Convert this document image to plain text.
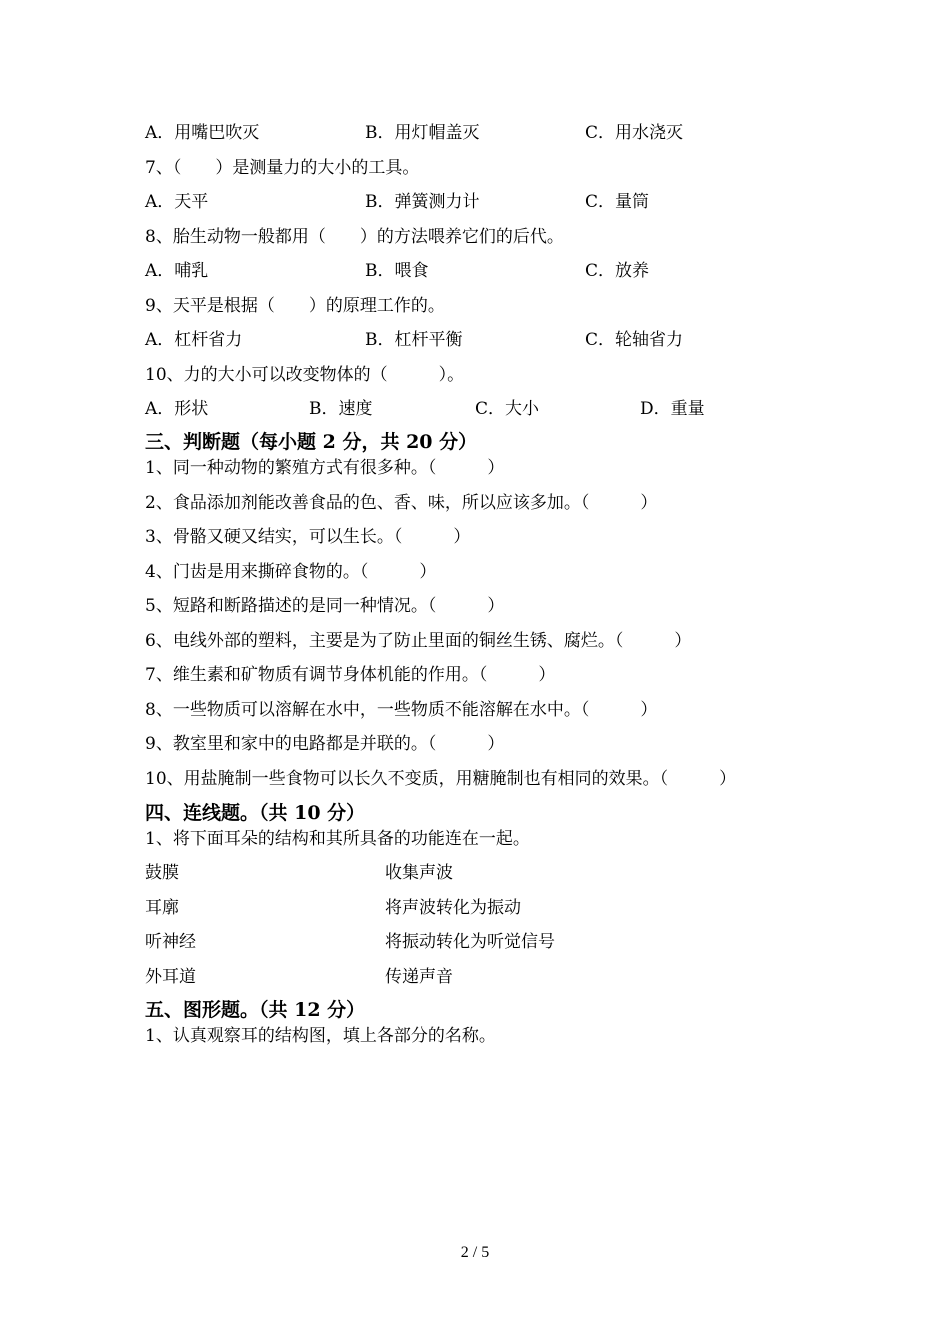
A．用嘴巴吹灭	B．用灯帽盖灭	C．用水浇灭
7、（　　）是测量力的大小的工具。
A．天平	B．弹簧测力计	C．量筒
8、胎生动物一般都用（　　）的方法喂养它们的后代。
A．哺乳	B．喂食	C．放养
9、天平是根据（　　）的原理工作的。
A．杠杆省力	B．杠杆平衡	C．轮轴省力
10、力的大小可以改变物体的（　　　）。
A．形状	B．速度	C．大小	D．重量
三、判断题（每小题 2 分，共 20 分）
1、同一种动物的繁殖方式有很多种。（　　　）
2、食品添加剂能改善食品的色、香、味，所以应该多加。（　　　）
3、骨骼又硬又结实，可以生长。（　　　）
4、门齿是用来撕碎食物的。（　　　）
5、短路和断路描述的是同一种情况。（　　　）
6、电线外部的塑料，主要是为了防止里面的铜丝生锈、腐烂。（　　　）
7、维生素和矿物质有调节身体机能的作用。（　　　）
8、一些物质可以溶解在水中，一些物质不能溶解在水中。（　　　）
9、教室里和家中的电路都是并联的。（　　　）
10、用盐腌制一些食物可以长久不变质，用糖腌制也有相同的效果。（　　　）
四、连线题。（共 10 分）
1、将下面耳朵的结构和其所具备的功能连在一起。
鼓膜	收集声波
耳廓	将声波转化为振动
听神经	将振动转化为听觉信号
外耳道	传递声音
五、图形题。（共 12 分）
1、认真观察耳的结构图，填上各部分的名称。
2 / 5
